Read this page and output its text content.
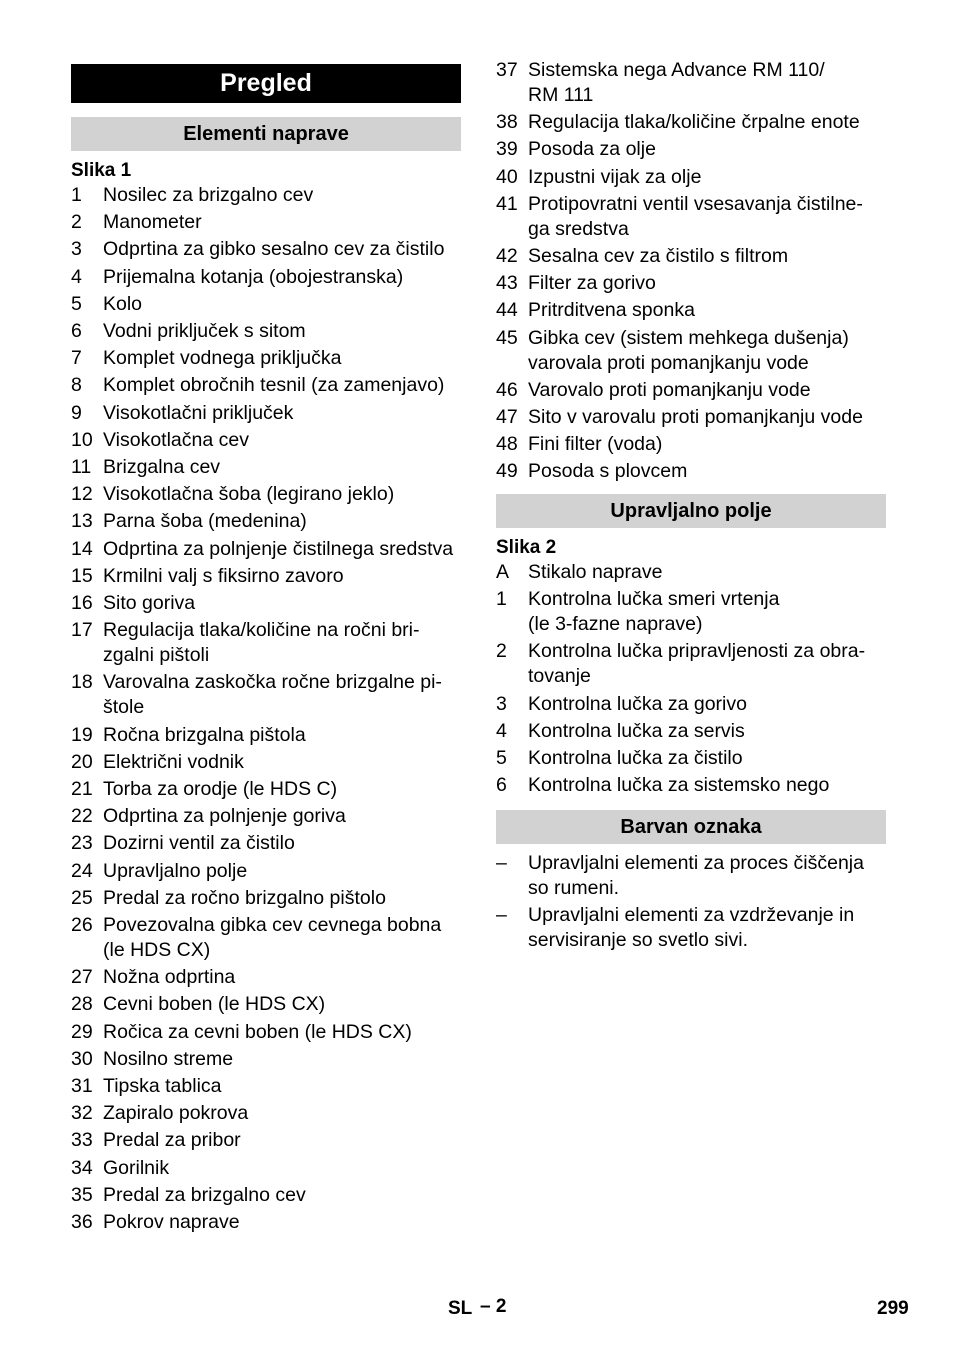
Pregled
Elementi naprave
Slika 1
1 Nosilec za brizgalno cev
2 Manometer
3 Odprtina za gibko sesalno cev za čistilo
4 Prijemalna kotanja (obojestranska)
5 Kolo
6 Vodni priključek s sitom
7 Komplet vodnega priključka
8 Komplet obročnih tesnil (za zamenjavo)
9 Visokotlačni priključek
10 Visokotlačna cev
11 Brizgalna cev
12 Visokotlačna šoba (legirano jeklo)
13 Parna šoba (medenina)
14 Odprtina za polnjenje čistilnega sredstva
15 Krmilni valj s fiksirno zavoro
16 Sito goriva
17 Regulacija tlaka/količine na ročni bri-
zgalni pištoli
18 Varovalna zaskočka ročne brizgalne pi-
štole
19 Ročna brizgalna pištola
20 Električni vodnik
21 Torba za orodje (le HDS C)
22 Odprtina za polnjenje goriva
23 Dozirni ventil za čistilo
24 Upravljalno polje
25 Predal za ročno brizgalno pištolo
26 Povezovalna gibka cev cevnega bobna
(le HDS CX)
27 Nožna odprtina
28 Cevni boben (le HDS CX)
29 Ročica za cevni boben (le HDS CX)
30 Nosilno streme
31 Tipska tablica
32 Zapiralo pokrova
33 Predal za pribor
34 Gorilnik
35 Predal za brizgalno cev
36 Pokrov naprave
37 Sistemska nega Advance RM 110/
RM 111
38 Regulacija tlaka/količine črpalne enote
39 Posoda za olje
40 Izpustni vijak za olje
41 Protipovratni ventil vsesavanja čistilne-
ga sredstva
42 Sesalna cev za čistilo s filtrom
43 Filter za gorivo
44 Pritrditvena sponka
45 Gibka cev (sistem mehkega dušenja)
varovala proti pomanjkanju vode
46 Varovalo proti pomanjkanju vode
47 Sito v varovalu proti pomanjkanju vode
48 Fini filter (voda)
49 Posoda s plovcem
Upravljalno polje
Slika 2
A Stikalo naprave
1 Kontrolna lučka smeri vrtenja
(le 3-fazne naprave)
2 Kontrolna lučka pripravljenosti za obra-
tovanje
3 Kontrolna lučka za gorivo
4 Kontrolna lučka za servis
5 Kontrolna lučka za čistilo
6 Kontrolna lučka za sistemsko nego
Barvan oznaka
– Upravljalni elementi za proces čiščenja
so rumeni.
– Upravljalni elementi za vzdrževanje in
servisiranje so svetlo sivi.
SL – 2	299
